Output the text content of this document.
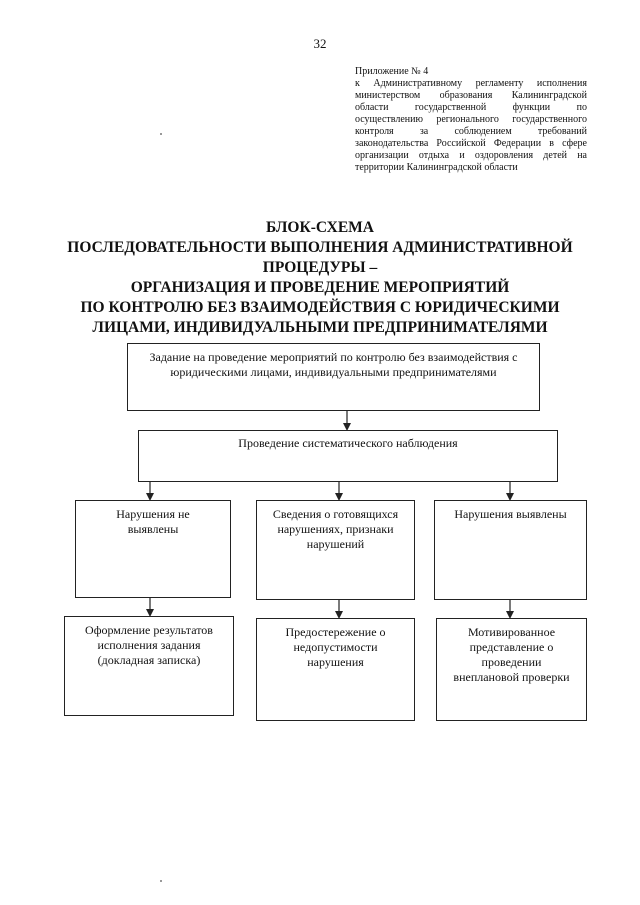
32
Приложение № 4
к Административному регламенту исполнения
министерством образования Калининградской
области государственной функции по
осуществлению регионального государственного
контроля за соблюдением требований
законодательства Российской Федерации в сфере
организации отдыха и оздоровления детей на
территории Калининградской области
БЛОК-СХЕМА
ПОСЛЕДОВАТЕЛЬНОСТИ ВЫПОЛНЕНИЯ АДМИНИСТРАТИВНОЙ
ПРОЦЕДУРЫ –
ОРГАНИЗАЦИЯ И ПРОВЕДЕНИЕ МЕРОПРИЯТИЙ
ПО КОНТРОЛЮ БЕЗ ВЗАИМОДЕЙСТВИЯ С ЮРИДИЧЕСКИМИ
ЛИЦАМИ, ИНДИВИДУАЛЬНЫМИ ПРЕДПРИНИМАТЕЛЯМИ
Задание на проведение мероприятий по контролю без взаимодействия с
юридическими лицами, индивидуальными предпринимателями
Проведение систематического наблюдения
Нарушения не
выявлены
Сведения о готовящихся
нарушениях, признаки
нарушений
Нарушения выявлены
Оформление результатов
исполнения задания
(докладная записка)
Предостережение о
недопустимости
нарушения
Мотивированное
представление о
проведении
внеплановой проверки
